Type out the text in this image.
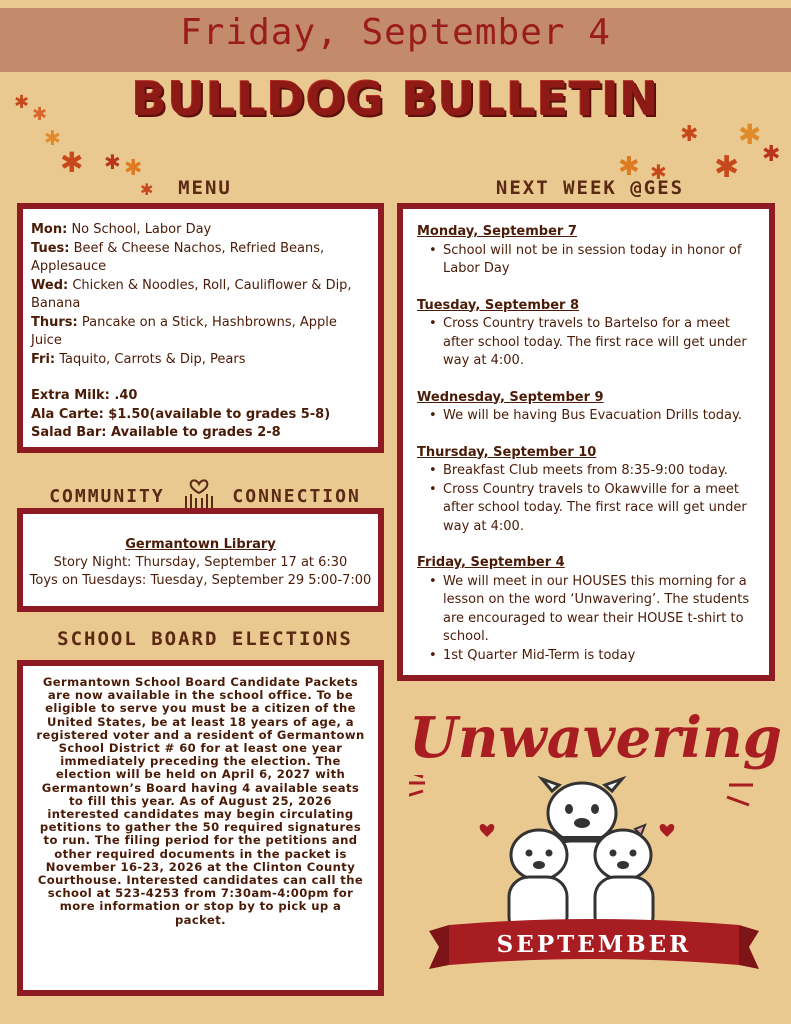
Friday, September 4
BULLDOG BULLETIN
✱
✱
✱
✱ ✱ ✱
✱
✱ ✱
✱
✱ ✱ ✱
MENU
Mon: No School, Labor Day
Tues: Beef & Cheese Nachos, Refried Beans, Applesauce
Wed: Chicken & Noodles, Roll, Cauliflower & Dip, Banana
Thurs: Pancake on a Stick, Hashbrowns, Apple Juice
Fri: Taquito, Carrots & Dip, Pears
Extra Milk: .40
Ala Carte: $1.50(available to grades 5-8)
Salad Bar: Available to grades 2-8
COMMUNITY	CONNECTION
Germantown Library
Story Night: Thursday, September 17 at 6:30
Toys on Tuesdays: Tuesday, September 29 5:00-7:00
SCHOOL BOARD ELECTIONS
Germantown School Board Candidate Packets are now available in the school office. To be eligible to serve you must be a citizen of the United States, be at least 18 years of age, a registered voter and a resident of Germantown School District # 60 for at least one year immediately preceding the election. The election will be held on April 6, 2027 with Germantown’s Board having 4 available seats to fill this year. As of August 25, 2026 interested candidates may begin circulating petitions to gather the 50 required signatures to run. The filing period for the petitions and other required documents in the packet is November 16-23, 2026 at the Clinton County Courthouse. Interested candidates can call the school at 523-4253 from 7:30am-4:00pm for more information or stop by to pick up a packet.
NEXT WEEK @GES
Monday, September 7
• School will not be in session today in honor of Labor Day
Tuesday, September 8
• Cross Country travels to Bartelso for a meet after school today. The first race will get under way at 4:00.
Wednesday, September 9
• We will be having Bus Evacuation Drills today.
Thursday, September 10
• Breakfast Club meets from 8:35-9:00 today.
• Cross Country travels to Okawville for a meet after school today. The first race will get under way at 4:00.
Friday, September 4
• We will meet in our HOUSES this morning for a lesson on the word ‘Unwavering’. The students are encouraged to wear their HOUSE t-shirt to school.
• 1st Quarter Mid-Term is today
Unwavering
SEPTEMBER
